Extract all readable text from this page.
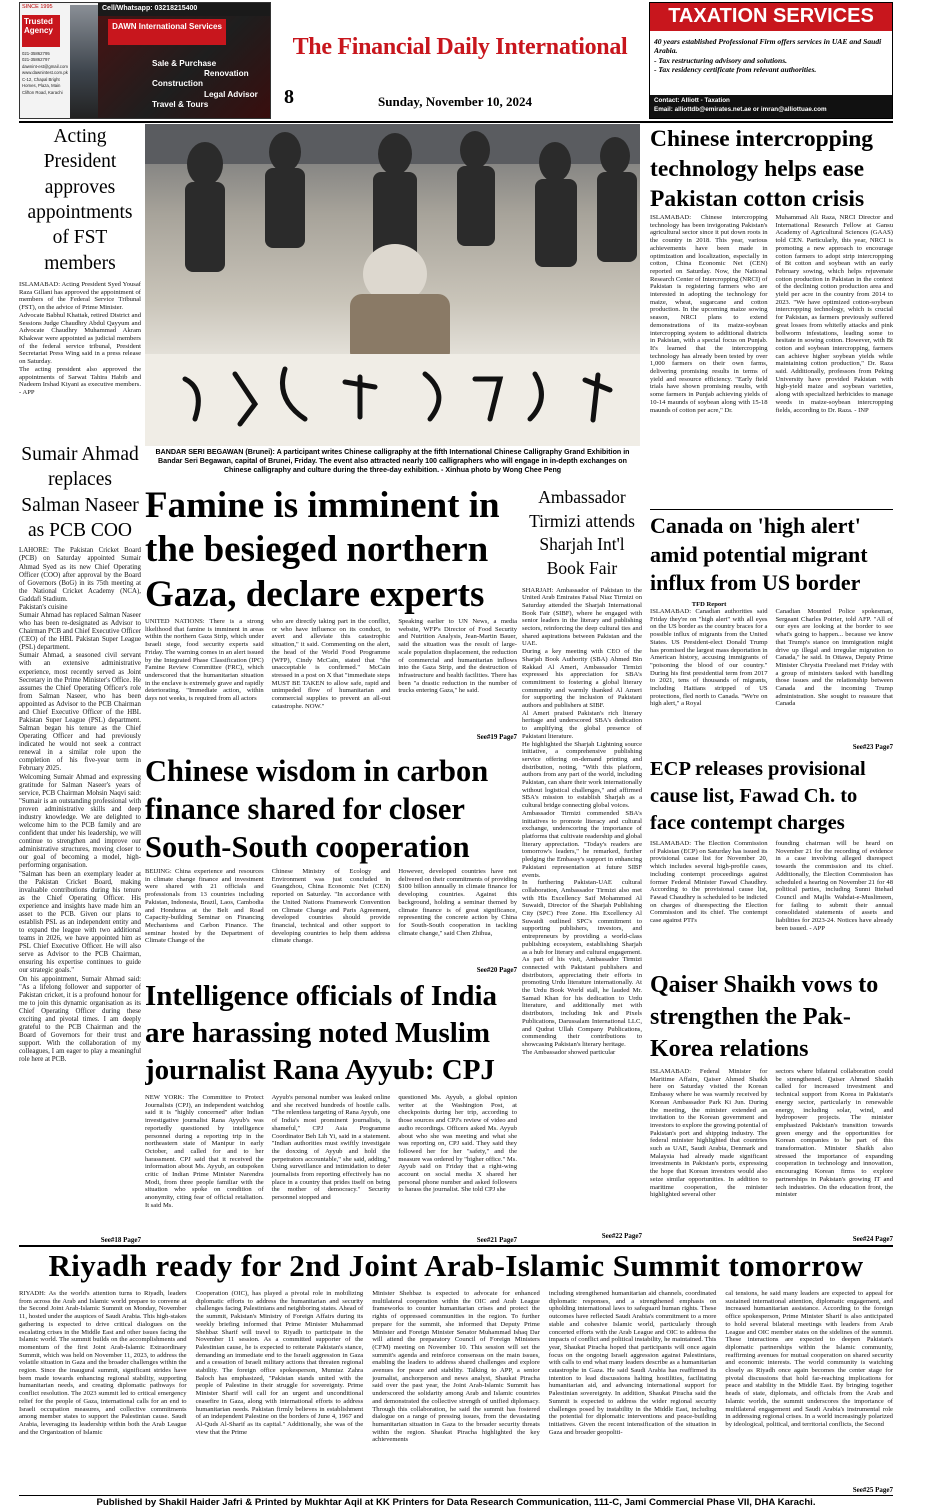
SINCE 1995
Trusted Agency
021-35862795
021-35862797
dawnint-est@gmail.com
www.dawnintest.com.pk
C-12, Chapal Bright Homes, Plaza, Main Clifton Road, Karachi
Cell/Whatsapp: 03218215400
DAWN International Services
Sale & Purchase
Renovation
Construction
Legal Advisor
Travel & Tours
The Financial Daily International
8	Sunday, November 10, 2024
TAXATION SERVICES
40 years established Professional Firm offers services in UAE and Saudi Arabia.
- Tax restructuring advisory and solutions.
- Tax residency certificate from relevant authorities.
Contact: Alliott - Taxation
Email: alliottdb@emirates.net.ae or imran@alliottuae.com
Acting President approves appointments of FST members

ISLAMABAD: Acting President Syed Yousaf Raza Gillani has approved the appointment of members of the Federal Service Tribunal (FST), on the advice of Prime Minister.

Advocate Babhul Khattak, retired District and Sessions Judge Chaudhry Abdul Qayyum and Advocate Chaudhry Muhammad Akram Khakwar were appointed as judicial members of the federal service tribunal, President Secretariat Press Wing said in a press release on Saturday.

The acting president also approved the appointments of Sarwat Tahira Habib and Nadeem Irshad Kiyani as executive members. - APP

Sumair Ahmad replaces Salman Naseer as PCB COO

LAHORE: The Pakistan Cricket Board (PCB) on Saturday appointed Sumair Ahmad Syed as its new Chief Operating Officer (COO) after approval by the Board of Governors (BoG) in its 75th meeting at the National Cricket Academy (NCA), Gaddafi Stadium.

Pakistan's cuisine

Sumair Ahmad has replaced Salman Naseer who has been re-designated as Advisor to Chairman PCB and Chief Executive Officer (CEO) of the HBL Pakistan Super League (PSL) department.

Sumair Ahmad, a seasoned civil servant with an extensive administrative experience, most recently served as Joint Secretary in the Prime Minister's Office. He assumes the Chief Operating Officer's role from Salman Naseer, who has been appointed as Advisor to the PCB Chairman and Chief Executive Officer of the HBL Pakistan Super League (PSL) department. Salman began his tenure as the Chief Operating Officer and had previously indicated he would not seek a contract renewal in a similar role upon the completion of his five-year term in February 2025.

Welcoming Sumair Ahmad and expressing gratitude for Salman Naseer's years of service, PCB Chairman Mohsin Naqvi said: "Sumair is an outstanding professional with proven administrative skills and deep industry knowledge. We are delighted to welcome him to the PCB family and are confident that under his leadership, we will continue to strengthen and improve our administrative structures, moving closer to our goal of becoming a model, high-performing organisation.

"Salman has been an exemplary leader at the Pakistan Cricket Board, making invaluable contributions during his tenure as the Chief Operating Officer. His experience and insights have made him an asset to the PCB. Given our plans to establish PSL as an independent entity and to expand the league with two additional teams in 2026, we have appointed him as PSL Chief Executive Officer. He will also serve as Advisor to the PCB Chairman, ensuring his expertise continues to guide our strategic goals."

On his appointment, Sumair Ahmad said: "As a lifelong follower and supporter of Pakistan cricket, it is a profound honour for me to join this dynamic organisation as its Chief Operating Officer during these exciting and pivotal times. I am deeply grateful to the PCB Chairman and the Board of Governors for their trust and support. With the collaboration of my colleagues, I am eager to play a meaningful role here at PCB.

See#18 Page7
BANDAR SERI BEGAWAN (Brunei): A participant writes Chinese calligraphy at the fifth International Chinese Calligraphy Grand Exhibition in Bandar Seri Begawan, capital of Brunei, Friday. The event also attracted nearly 100 calligraphers who will engage in in-depth exchanges on Chinese calligraphy and culture during the three-day exhibition. - Xinhua photo by Wong Chee Peng
Famine is imminent in the besieged northern Gaza, declare experts
UNITED NATIONS: There is a strong likelihood that famine is imminent in areas within the northern Gaza Strip, which under Israeli siege, food security experts said Friday. The warning comes in an alert issued by the Integrated Phase Classification (IPC) Famine Review Committee (FRC), which underscored that the humanitarian situation in the enclave is extremely grave and rapidly deteriorating. "Immediate action, within days not weeks, is required from all actors
who are directly taking part in the conflict, or who have influence on its conduct, to avert and alleviate this catastrophic situation," it said. Commenting on the alert, the head of the World Food Programme (WFP), Cindy McCain, stated that "the unacceptable is confirmed." McCain stressed in a post on X that "immediate steps MUST BE TAKEN to allow safe, rapid and unimpeded flow of humanitarian and commercial supplies to prevent an all-out catastrophe. NOW."
Speaking earlier to UN News, a media website, WFP's Director of Food Security and Nutrition Analysis, Jean-Martin Bauer, said the situation was the result of large-scale population displacement, the reduction of commercial and humanitarian inflows into the Gaza Strip, and the destruction of infrastructure and health facilities. There has been "a drastic reduction in the number of trucks entering Gaza," he said.
See#19 Page7
Chinese wisdom in carbon finance shared for closer South-South cooperation
BEIJING: China experience and resources in climate change finance and investment were shared with 21 officials and professionals from 13 countries including Pakistan, Indonesia, Brazil, Laos, Cambodia and Honduras at the Belt and Road Capacity-building Seminar on Financing Mechanisms and Carbon Finance. The seminar hosted by the Department of Climate Change of the
Chinese Ministry of Ecology and Environment was just concluded in Guangzhou, China Economic Net (CEN) reported on Saturday. "In accordance with the United Nations Framework Convention on Climate Change and Paris Agreement, developed countries should provide financial, technical and other support to developing countries to help them address climate change.
However, developed countries have not delivered on their commitments of providing $100 billion annually in climate finance for developing countries. Against this background, holding a seminar themed by climate finance is of great significance, representing the concrete action by China for South-South cooperation in tackling climate change," said Chen Zhihua,
See#20 Page7
Intelligence officials of India are harassing noted Muslim journalist Rana Ayyub: CPJ
NEW YORK: The Committee to Protect Journalists (CPJ), an independent watchdog said it is "highly concerned" after Indian investigative journalist Rana Ayyub's was reportedly questioned by intelligence personnel during a reporting trip in the northeastern state of Manipur in early October, and called for and to her harassment. CPJ said that it received the information about Ms. Ayyub, an outspoken critic of Indian Prime Minister Narendra Modi, from three people familiar with the situation who spoke on condition of anonymity, citing fear of official retaliation. It said Ms.
Ayyub's personal number was leaked online and she received hundreds of hostile calls. "The relentless targeting of Rana Ayyub, one of India's most prominent journalists, is shameful," CPJ Asia Programme Coordinator Beh Lih Yi, said in a statement. "Indian authorities must swiftly investigate the doxxing of Ayyub and hold the perpetrators accountable," she said, adding," Using surveillance and intimidation to deter journalists from reporting effectively has no place in a country that prides itself on being the mother of democracy." Security personnel stopped and
questioned Ms. Ayyub, a global opinion writer at the Washington Post, at checkpoints during her trip, according to those sources and CPJ's review of video and audio recordings. Officers asked Ms. Ayyub about who she was meeting and what she was reporting on, CPJ said. They said they followed her for her "safety," and the measure was ordered by "higher office." Ms. Ayyub said on Friday that a right-wing account on social media X shared her personal phone number and asked followers to harass the journalist. She told CPJ she
See#21 Page7
Ambassador Tirmizi attends Sharjah Int'l Book Fair

SHARJAH: Ambassador of Pakistan to the United Arab Emirates Faisal Niaz Tirmizi on Saturday attended the Sharjah International Book Fair (SIBF), where he engaged with senior leaders in the literary and publishing sectors, reinforcing the deep cultural ties and shared aspirations between Pakistan and the UAE.

During a key meeting with CEO of the Sharjah Book Authority (SBA) Ahmed Bin Rakkad Al Ameri, Ambassador Tirmizi expressed his appreciation for SBA's commitment to fostering a global literary community and warmly thanked Al Ameri for supporting the inclusion of Pakistani authors and publishers at SIBF.

Al Ameri praised Pakistan's rich literary heritage and underscored SBA's dedication to amplifying the global presence of Pakistani literature.

He highlighted the Sharjah Lightning source initiative, a comprehensive publishing service offering on-demand printing and distribution, noting, "With this platform, authors from any part of the world, including Pakistan, can share their work internationally without logistical challenges," and affirmed SBA's mission to establish Sharjah as a cultural bridge connecting global voices.

Ambassador Tirmizi commended SBA's initiatives to promote literacy and cultural exchange, underscoring the importance of platforms that cultivate readership and global literary appreciation. "Today's readers are tomorrow's leaders," he remarked, further pledging the Embassy's support in enhancing Pakistani representation at future SIBF events.

In furthering Pakistan-UAE cultural collaboration, Ambassador Tirmizi also met with His Excellency Saif Mohammed Al Suwaidi, Director of the Sharjah Publishing City (SPC) Free Zone. His Excellency Al Suwaidi outlined SPC's commitment to supporting publishers, investors, and entrepreneurs by providing a world-class publishing ecosystem, establishing Sharjah as a hub for literary and cultural engagement.

As part of his visit, Ambassador Tirmizi connected with Pakistani publishers and distributors, appreciating their efforts in promoting Urdu literature internationally. At the Urdu Book World stall, he lauded Mr. Samad Khan for his dedication to Urdu literature, and additionally met with distributors, including Ink and Pixels Publications, Darussalam International LLC, and Qudrat Ullah Company Publications, commending their contributions to showcasing Pakistan's literary heritage.

The Ambassador showed particular

See#22 Page7
Chinese intercropping technology helps ease Pakistan cotton crisis
ISLAMABAD: Chinese intercropping technology has been invigorating Pakistan's agricultural sector since it put down roots in the country in 2018. This year, various achievements have been made in optimization and localization, especially in cotton, China Economic Net (CEN) reported on Saturday. Now, the National Research Center of Intercropping (NRCI) of Pakistan is registering farmers who are interested in adopting the technology for maize, wheat, sugarcane and cotton production. In the upcoming maize sowing season, NRCI plans to extend demonstrations of its maize-soybean intercropping system to additional districts in Pakistan, with a special focus on Punjab. It's learned that the intercropping technology has already been tested by over 1,000 farmers on their own farms, delivering promising results in terms of yield and resource efficiency. "Early field trials have shown promising results, with some farmers in Punjab achieving yields of 10-14 maunds of soybean along with 15-18 maunds of cotton per acre," Dr.
Muhammad Ali Raza, NRCI Director and International Research Fellow at Gansu Academy of Agricultural Sciences (GAAS) told CEN. Particularly, this year, NRCI is promoting a new approach to encourage cotton farmers to adopt strip intercropping of Bt cotton and soybean with an early February sowing, which helps rejuvenate cotton production in Pakistan in the context of the declining cotton production area and yield per acre in the country from 2014 to 2023. "We have optimized cotton-soybean intercropping technology, which is crucial for Pakistan, as farmers previously suffered great losses from whitefly attacks and pink bollworm infestations, leading some to hesitate in sowing cotton. However, with Bt cotton and soybean intercropping, farmers can achieve higher soybean yields while maintaining cotton production," Dr. Raza said. Additionally, professors from Peking University have provided Pakistan with high-yield maize and soybean varieties, along with specialized herbicides to manage weeds in maize-soybean intercropping fields, according to Dr. Raza. - INP
Canada on 'high alert' amid potential migrant influx from US border
TFD Report
ISLAMABAD: Canadian authorities said Friday they're on "high alert" with all eyes on the US border as the country braces for a possible influx of migrants from the United States. US President-elect Donald Trump has promised the largest mass deportation in American history, accusing immigrants of "poisoning the blood of our country." During his first presidential term from 2017 to 2021, tens of thousands of migrants, including Haitians stripped of US protections, fled north to Canada. "We're on high alert," a Royal
Canadian Mounted Police spokesman, Sergeant Charles Poirier, told AFP. "All of our eyes are looking at the border to see what's going to happen... because we know that Trump's stance on immigration might drive up illegal and irregular migration to Canada," he said. In Ottawa, Deputy Prime Minister Chrystia Freeland met Friday with a group of ministers tasked with handling those issues and the relationship between Canada and the incoming Trump administration. She sought to reassure that Canada
See#23 Page7
ECP releases provisional cause list, Fawad Ch. to face contempt charges
ISLAMABAD: The Election Commission of Pakistan (ECP) on Saturday has issued its provisional cause list for November 20, which includes several high-profile cases, including contempt proceedings against former Federal Minister Fawad Chaudhry. According to the provisional cause list, Fawad Chaudhry is scheduled to be indicted on charges of disrespecting the Election Commission and its chief. The contempt case against PTI's
founding chairman will be heard on November 21 for the recording of evidence in a case involving alleged disrespect towards the commission and its chief. Additionally, the Election Commission has scheduled a hearing on November 21 for 48 political parties, including Sunni Ittehad Council and Majlis Wahdat-e-Muslimeen, for failing to submit their annual consolidated statements of assets and liabilities for 2023-24. Notices have already been issued. - APP
Qaiser Shaikh vows to strengthen the Pak-Korea relations
ISLAMABAD: Federal Minister for Maritime Affairs, Qaiser Ahmed Shaikh here on Saturday visited the Korean Embassy where he was warmly received by Korean Ambassador Park Ki Jun. During the meeting, the minister extended an invitation to the Korean government and investors to explore the growing potential of Pakistan's port and shipping industry. The federal minister highlighted that countries such as UAE, Saudi Arabia, Denmark and Malaysia had already made significant investments in Pakistan's ports, expressing the hope that Korean investors would also seize similar opportunities. In addition to maritime cooperation, the minister highlighted several other
sectors where bilateral collaboration could be strengthened. Qaiser Ahmed Shaikh called for increased investment and technical support from Korea in Pakistan's energy sector, particularly in renewable energy, including solar, wind, and hydropower projects. The minister emphasized Pakistan's transition towards green energy and the opportunities for Korean companies to be part of this transformation. Minister Shaikh also stressed the importance of expanding cooperation in technology and innovation, encouraging Korean firms to explore partnerships in Pakistan's growing IT and tech industries. On the education front, the minister
See#24 Page7
Riyadh ready for 2nd Joint Arab-Islamic Summit tomorrow
RIYADH: As the world's attention turns to Riyadh, leaders from across the Arab and Islamic world prepare to convene at the Second Joint Arab-Islamic Summit on Monday, November 11, hosted under the auspices of Saudi Arabia. This high-stakes gathering is expected to drive critical dialogues on the escalating crises in the Middle East and other issues facing the Islamic world. The summit builds on the accomplishments and momentum of the first Joint Arab-Islamic Extraordinary Summit, which was held on November 11, 2023, to address the volatile situation in Gaza and the broader challenges within the region. Since the inaugural summit, significant strides have been made towards enhancing regional stability, supporting humanitarian needs, and creating diplomatic pathways for conflict resolution. The 2023 summit led to critical emergency relief for the people of Gaza, international calls for an end to Israeli occupation measures, and collective commitments among member states to support the Palestinian cause. Saudi Arabia, leveraging its leadership within both the Arab League and the Organization of Islamic
Cooperation (OIC), has played a pivotal role in mobilizing diplomatic efforts to address the humanitarian and security challenges facing Palestinians and neighboring states. Ahead of the summit, Pakistan's Ministry of Foreign Affairs during its weekly briefing informed that Prime Minister Muhammad Shehbaz Sharif will travel to Riyadh to participate in the November 11 session. As a committed supporter of the Palestinian cause, he is expected to reiterate Pakistan's stance, demanding an immediate end to the Israeli aggression in Gaza and a cessation of Israeli military actions that threaten regional stability. The foreign office spokesperson, Mumtaz Zahra Baloch has emphasized, "Pakistan stands united with the people of Palestine in their struggle for sovereignty. Prime Minister Sharif will call for an urgent and unconditional ceasefire in Gaza, along with international efforts to address humanitarian needs. Pakistan firmly believes in establishment of an independent Palestine on the borders of June 4, 1967 and Al-Quds Al-Sharif as its capital." Additionally, she was of the view that the Prime
Minister Shehbaz is expected to advocate for enhanced multilateral cooperation within the OIC and Arab League frameworks to counter humanitarian crises and protect the rights of oppressed communities in the region. To further prepare for the summit, she informed that Deputy Prime Minister and Foreign Minister Senator Muhammad Ishaq Dar will attend the preparatory Council of Foreign Ministers (CFM) meeting on November 10. This session will set the summit's agenda and reinforce consensus on the main issues, enabling the leaders to address shared challenges and explore avenues for peace and stability. Talking to APP, a senior journalist, anchorperson and news analyst, Shaukat Piracha said over the past year, the Joint Arab-Islamic Summit has underscored the solidarity among Arab and Islamic countries and demonstrated the collective strength of unified diplomacy. Through this collaboration, he said the summit has fostered dialogue on a range of pressing issues, from the devastating humanitarian situation in Gaza to the broader security threats within the region. Shaukat Piracha highlighted the key achievements
including strengthened humanitarian aid channels, coordinated diplomatic responses, and a strengthened emphasis on upholding international laws to safeguard human rights. These outcomes have reflected Saudi Arabia's commitment to a more stable and cohesive Islamic world, particularly through concerted efforts with the Arab League and OIC to address the impacts of conflict and political instability, he maintained. This year, Shaukat Piracha hoped that participants will once again focus on the ongoing Israeli aggression against Palestinians, with calls to end what many leaders describe as a humanitarian catastrophe in Gaza. He said Saudi Arabia has reaffirmed its intention to lead discussions halting hostilities, facilitating humanitarian aid, and advancing international support for Palestinian sovereignty. In addition, Shaukat Piracha said the Summit is expected to address the wider regional security challenges posed by instability in the Middle East, including the potential for diplomatic interventions and peace-building initiatives. Given the recent intensification of the situation in Gaza and broader geopoliti-
cal tensions, he said many leaders are expected to appeal for sustained international attention, diplomatic engagement, and increased humanitarian assistance. According to the foreign office spokesperson, Prime Minister Sharif is also anticipated to hold several bilateral meetings with leaders from Arab League and OIC member states on the sidelines of the summit. These interactions are expected to deepen Pakistan's diplomatic partnerships within the Islamic community, reaffirming avenues for mutual cooperation on shared security and economic interests. The world community is watching closely as Riyadh once again becomes the center stage for pivotal discussions that hold far-reaching implications for peace and stability in the Middle East. By bringing together heads of state, diplomats, and officials from the Arab and Islamic worlds, the summit underscores the importance of multilateral engagement and Saudi Arabia's instrumental role in addressing regional crises. In a world increasingly polarized by ideological, political, and territorial conflicts, the Second
See#25 Page7
Published by Shakil Haider Jafri & Printed by Mukhtar Aqil at KK Printers for Data Research Communication, 111-C, Jami Commercial Phase VII, DHA Karachi.
